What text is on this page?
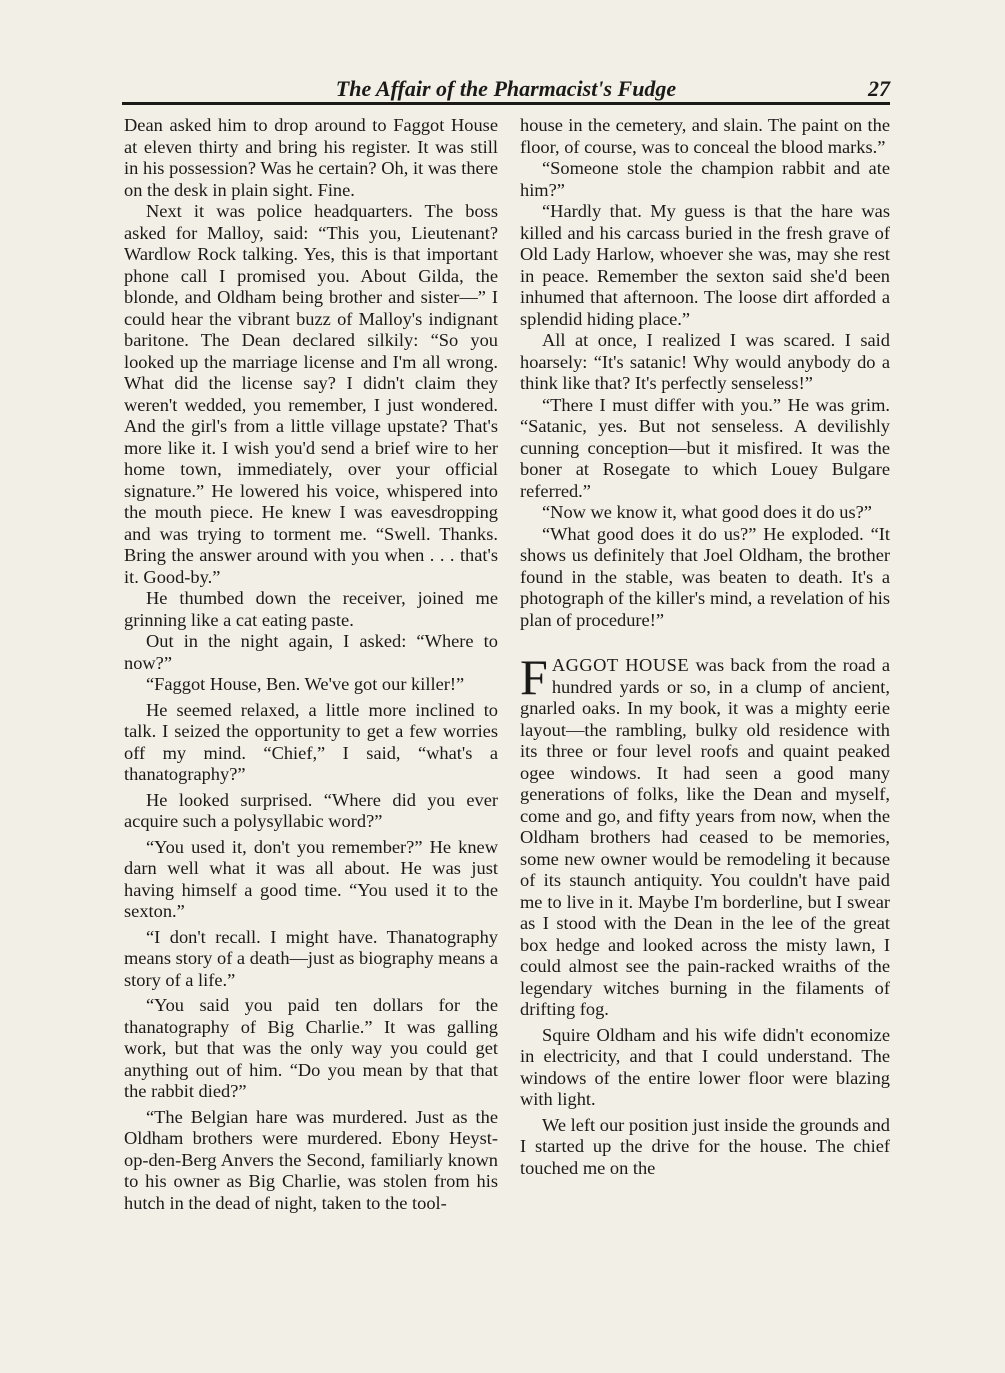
The Affair of the Pharmacist's Fudge	27

Dean asked him to drop around to Faggot House at eleven thirty and bring his register. It was still in his possession? Was he certain? Oh, it was there on the desk in plain sight. Fine.

Next it was police headquarters. The boss asked for Malloy, said: “This you, Lieutenant? Wardlow Rock talking. Yes, this is that important phone call I promised you. About Gilda, the blonde, and Oldham being brother and sister—” I could hear the vibrant buzz of Malloy's indignant baritone. The Dean declared silkily: “So you looked up the marriage license and I'm all wrong. What did the license say? I didn't claim they weren't wedded, you remember, I just wondered. And the girl's from a little village upstate? That's more like it. I wish you'd send a brief wire to her home town, immediately, over your official signature.” He lowered his voice, whispered into the mouth piece. He knew I was eavesdropping and was trying to torment me. “Swell. Thanks. Bring the answer around with you when . . . that's it. Good-by.”

He thumbed down the receiver, joined me grinning like a cat eating paste.

Out in the night again, I asked: “Where to now?”

“Faggot House, Ben. We've got our killer!”

He seemed relaxed, a little more inclined to talk. I seized the opportunity to get a few worries off my mind. “Chief,” I said, “what's a thanatography?”

He looked surprised. “Where did you ever acquire such a polysyllabic word?”

“You used it, don't you remember?” He knew darn well what it was all about. He was just having himself a good time. “You used it to the sexton.”

“I don't recall. I might have. Thanatography means story of a death—just as biography means a story of a life.”

“You said you paid ten dollars for the thanatography of Big Charlie.” It was galling work, but that was the only way you could get anything out of him. “Do you mean by that that the rabbit died?”

“The Belgian hare was murdered. Just as the Oldham brothers were murdered. Ebony Heyst-op-den-Berg Anvers the Second, familiarly known to his owner as Big Charlie, was stolen from his hutch in the dead of night, taken to the tool-

house in the cemetery, and slain. The paint on the floor, of course, was to conceal the blood marks.”

“Someone stole the champion rabbit and ate him?”

“Hardly that. My guess is that the hare was killed and his carcass buried in the fresh grave of Old Lady Harlow, whoever she was, may she rest in peace. Remember the sexton said she'd been inhumed that afternoon. The loose dirt afforded a splendid hiding place.”

All at once, I realized I was scared. I said hoarsely: “It's satanic! Why would anybody do a think like that? It's perfectly senseless!”

“There I must differ with you.” He was grim. “Satanic, yes. But not senseless. A devilishly cunning conception—but it misfired. It was the boner at Rosegate to which Louey Bulgare referred.”

“Now we know it, what good does it do us?”

“What good does it do us?” He exploded. “It shows us definitely that Joel Oldham, the brother found in the stable, was beaten to death. It's a photograph of the killer's mind, a revelation of his plan of procedure!”

FAGGOT HOUSE was back from the road a hundred yards or so, in a clump of ancient, gnarled oaks. In my book, it was a mighty eerie layout—the rambling, bulky old residence with its three or four level roofs and quaint peaked ogee windows. It had seen a good many generations of folks, like the Dean and myself, come and go, and fifty years from now, when the Oldham brothers had ceased to be memories, some new owner would be remodeling it because of its staunch antiquity. You couldn't have paid me to live in it. Maybe I'm borderline, but I swear as I stood with the Dean in the lee of the great box hedge and looked across the misty lawn, I could almost see the pain-racked wraiths of the legendary witches burning in the filaments of drifting fog.

Squire Oldham and his wife didn't economize in electricity, and that I could understand. The windows of the entire lower floor were blazing with light.

We left our position just inside the grounds and I started up the drive for the house. The chief touched me on the
